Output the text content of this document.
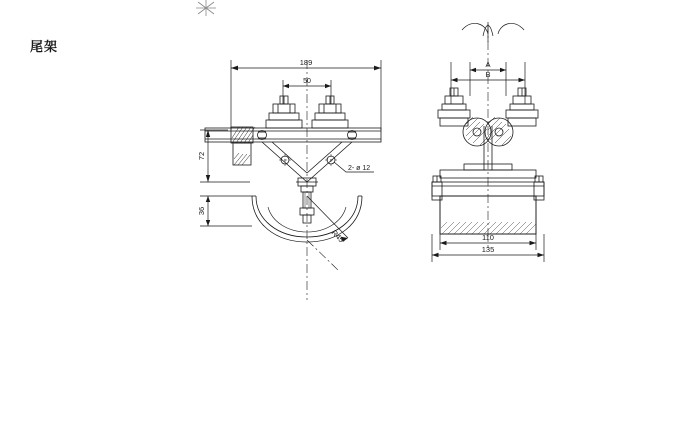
尾架
189
50
72
36
R45
2- ø 12
A
B
110
135
